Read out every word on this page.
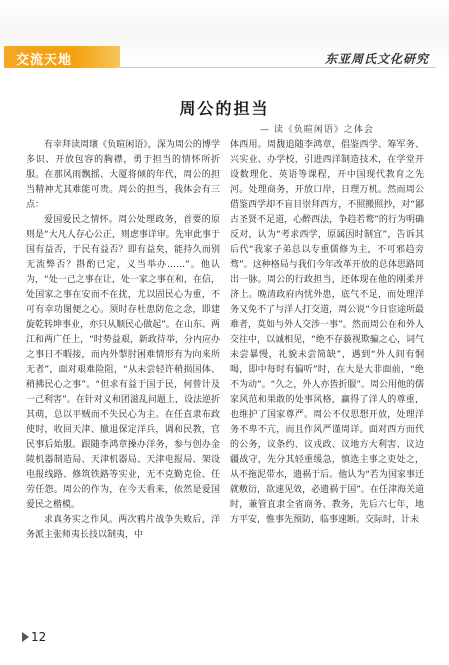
交流天地	东亚周氏文化研究
周公的担当
— 读《负暄闲语》之体会

有幸拜读周瓌《负暄闲语》，深为周公的博学多识、开放包容的胸襟，勇于担当的情怀所折服。在那风雨飘摇、大厦将倾的年代，周公的担当精神尤其难能可贵。周公的担当，我体会有三点：

爱国爱民之情怀。周公处理政务，首要的原则是“大凡人存心公正，则虑事详审。先审此事于国有益否，于民有益否？即有益矣，能持久而别无流弊否？斟酌已定，义当举办……”。他认为，“处一己之事在让，处一家之事在和，在信，处国家之事在安而不在扰，尤以固民心为重，不可有幸功图便之心。须时存杜患防危之念，即建旋乾转坤事业，亦只从顺民心做起”。在山东、两江和两广任上，“时势益艰，新政待举，分内应办之事日不暇接，而内外掣肘困难情形有为向来所无者”，面对艰难险阻，“从未尝轻许稍损国体、稍拂民心之事”。“但求有益于国于民，何曾计及一己利害”。在针对义和团滋乱问题上，设法逆折其萌，总以平贼而不失民心为主。在任直隶布政使时，收回天津、撤退保定洋兵，调和民教，官民事后始服。跟随李鸿章操办洋务，参与创办金陵机器制造局、天津机器局、天津电报局、架设电报线路、修筑铁路等实业，无不克勤克俭、任劳任怨。周公的作为，在今天看来，依然是爱国爱民之楷模。

求真务实之作风。两次鸦片战争失败后，洋务派主张师夷长技以制夷，中

体西用。周馥追随李鸿章，倡鉴西学、筹军务、兴实业、办学校，引进西洋制造技术，在学堂开设数理化、英语等课程，开中国现代教育之先河。处理商务，开放口岸，日理万机。然而周公借鉴西学却不盲目崇拜西方，不照搬照抄，对“鄙古圣贤不足道，心醉西法，争趋若鹜”的行为明确反对，认为“考求西学，原属因时制宜”，告诉其后代“我家子弟总以专重儒修为主，不可邪趋旁骛”。这种格局与我们今年改革开放的总体思路同出一脉。周公的行政担当，还体现在他的刚柔并济上。晚清政府内忧外患，底气不足，而处理洋务又免不了与洋人打交道，周公说“今日宦途所最难者，莫如与外人交涉一事”。然而周公在和外人交往中，以诚相见，“绝不存藐视欺骗之心，词气未尝暴慢，礼貌未尝简缺”，遇到“外人间有恫喝，即中每时有偏听”时，在大是大非面前，“绝不为动”。“久之，外人亦皆折服”。周公用他的儒家风范和果敢的处事风格，赢得了洋人的尊重，也维护了国家尊严。周公不仅思想开放，处理洋务不卑不亢，而且作风严谨周详。面对西方而代的公务，议条约、议戎政、议地方大利害、议边疆战守，先分其轻重缓急，慎选主事之吏处之，从不拖泥带水，遗祸于后。他认为“若为国家事迁就敷衍，欲速见效，必遗祸于国”。在任津海关道时，兼管直隶全省商务、教务，先后六七年，地方平安，惟事先预防，临事速断。交际时，计未

12
